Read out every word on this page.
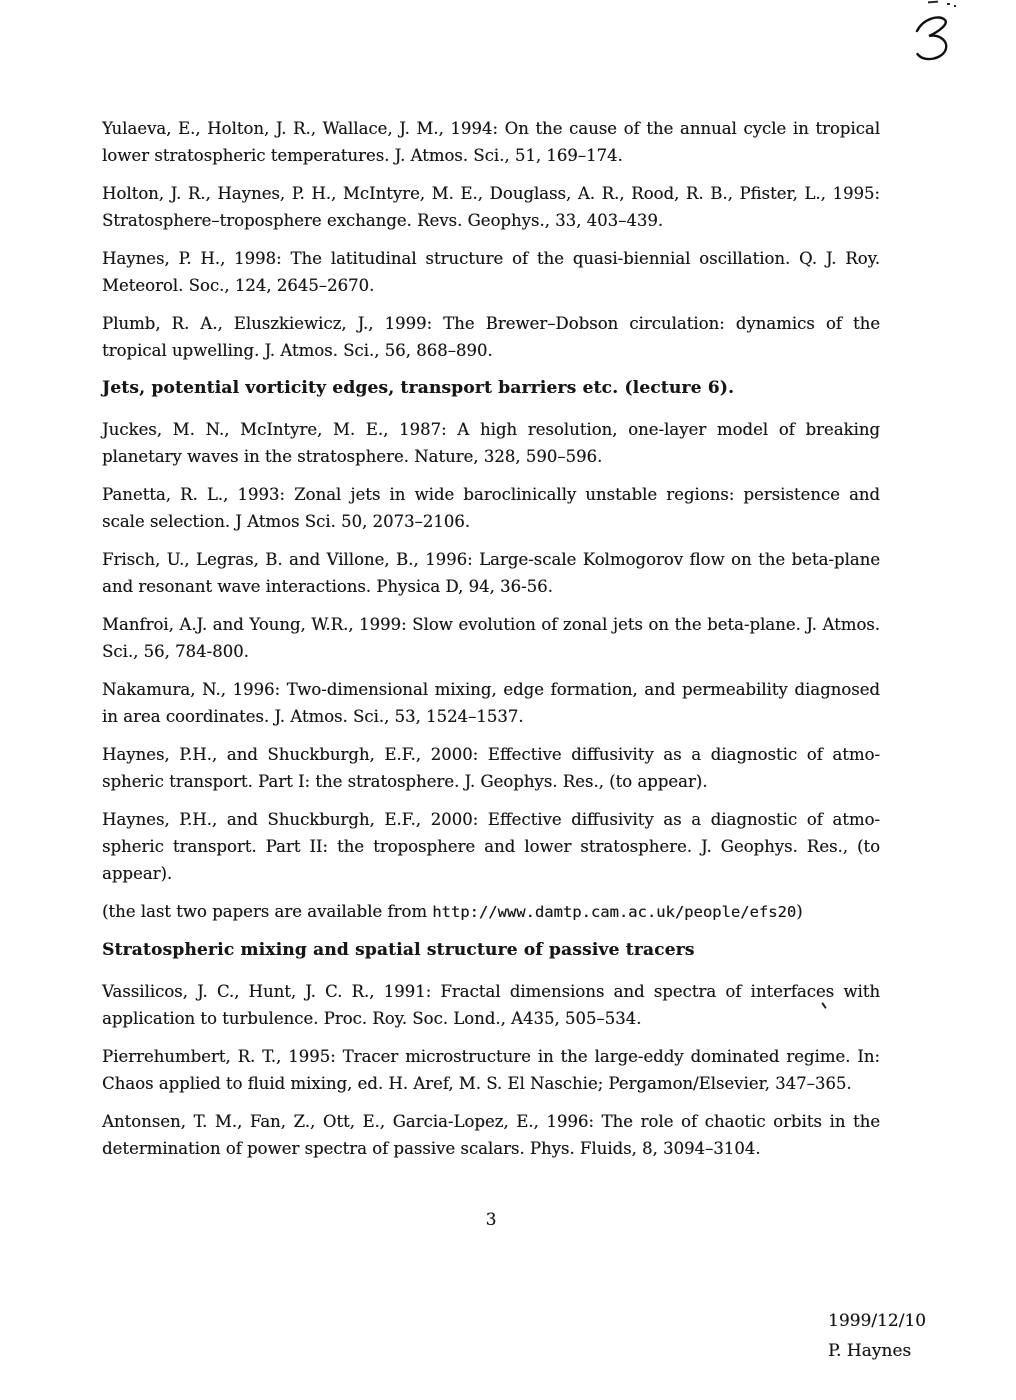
Yulaeva, E., Holton, J. R., Wallace, J. M., 1994: On the cause of the annual cycle in tropical lower stratospheric temperatures. J. Atmos. Sci., 51, 169–174.

Holton, J. R., Haynes, P. H., McIntyre, M. E., Douglass, A. R., Rood, R. B., Pfister, L., 1995: Stratosphere–troposphere exchange. Revs. Geophys., 33, 403–439.

Haynes, P. H., 1998: The latitudinal structure of the quasi-biennial oscillation. Q. J. Roy. Meteorol. Soc., 124, 2645–2670.

Plumb, R. A., Eluszkiewicz, J., 1999: The Brewer–Dobson circulation: dynamics of the tropical upwelling. J. Atmos. Sci., 56, 868–890.

Jets, potential vorticity edges, transport barriers etc. (lecture 6).

Juckes, M. N., McIntyre, M. E., 1987: A high resolution, one-layer model of breaking planetary waves in the stratosphere. Nature, 328, 590–596.

Panetta, R. L., 1993: Zonal jets in wide baroclinically unstable regions: persistence and scale selection. J Atmos Sci. 50, 2073–2106.

Frisch, U., Legras, B. and Villone, B., 1996: Large-scale Kolmogorov flow on the beta-plane and resonant wave interactions. Physica D, 94, 36-56.

Manfroi, A.J. and Young, W.R., 1999: Slow evolution of zonal jets on the beta-plane. J. Atmos. Sci., 56, 784-800.

Nakamura, N., 1996: Two-dimensional mixing, edge formation, and permeability diagnosed in area coordinates. J. Atmos. Sci., 53, 1524–1537.

Haynes, P.H., and Shuckburgh, E.F., 2000: Effective diffusivity as a diagnostic of atmospheric transport. Part I: the stratosphere. J. Geophys. Res., (to appear).

Haynes, P.H., and Shuckburgh, E.F., 2000: Effective diffusivity as a diagnostic of atmospheric transport. Part II: the troposphere and lower stratosphere. J. Geophys. Res., (to appear).

(the last two papers are available from http://www.damtp.cam.ac.uk/people/efs20)

Stratospheric mixing and spatial structure of passive tracers

Vassilicos, J. C., Hunt, J. C. R., 1991: Fractal dimensions and spectra of interfaces with application to turbulence. Proc. Roy. Soc. Lond., A435, 505–534.

Pierrehumbert, R. T., 1995: Tracer microstructure in the large-eddy dominated regime. In: Chaos applied to fluid mixing, ed. H. Aref, M. S. El Naschie; Pergamon/Elsevier, 347–365.

Antonsen, T. M., Fan, Z., Ott, E., Garcia-Lopez, E., 1996: The role of chaotic orbits in the determination of power spectra of passive scalars. Phys. Fluids, 8, 3094–3104.

3
1999/12/10
P. Haynes
